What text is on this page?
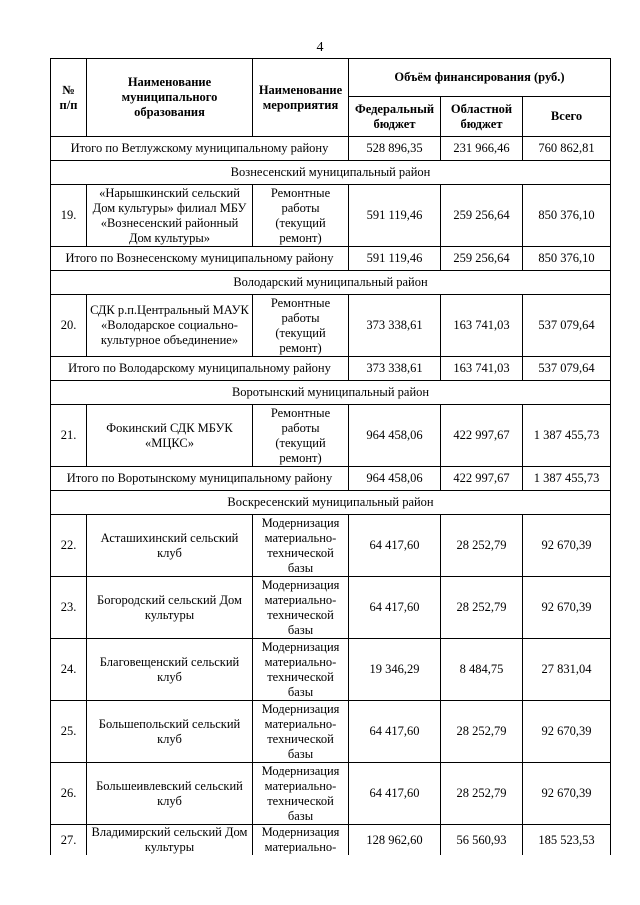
4
№
п/п	Наименование муниципального образования	Наименование мероприятия	Объём финансирования (руб.)		
			Федеральный бюджет	Областной бюджет	Всего
Итого по Ветлужскому муниципальному району			528 896,35	231 966,46	760 862,81
Вознесенский муниципальный район					
19.	«Нарышкинский сельский Дом культуры» филиал МБУ «Вознесенский районный Дом культуры»	Ремонтные работы (текущий ремонт)	591 119,46	259 256,64	850 376,10
Итого по Вознесенскому муниципальному району			591 119,46	259 256,64	850 376,10
Володарский муниципальный район					
20.	СДК р.п.Центральный МАУК «Володарское социально-культурное объединение»	Ремонтные работы (текущий ремонт)	373 338,61	163 741,03	537 079,64
Итого по Володарскому муниципальному району			373 338,61	163 741,03	537 079,64
Воротынский муниципальный район					
21.	Фокинский СДК МБУК «МЦКС»	Ремонтные работы (текущий ремонт)	964 458,06	422 997,67	1 387 455,73
Итого по Воротынскому муниципальному району			964 458,06	422 997,67	1 387 455,73
Воскресенский муниципальный район					
22.	Асташихинский сельский клуб	Модернизация материально-технической базы	64 417,60	28 252,79	92 670,39
23.	Богородский сельский Дом культуры	Модернизация материально-технической базы	64 417,60	28 252,79	92 670,39
24.	Благовещенский сельский клуб	Модернизация материально-технической базы	19 346,29	8 484,75	27 831,04
25.	Большепольский сельский клуб	Модернизация материально-технической базы	64 417,60	28 252,79	92 670,39
26.	Большеивлевский сельский клуб	Модернизация материально-технической базы	64 417,60	28 252,79	92 670,39
27.	Владимирский сельский Дом культуры	Модернизация материально-	128 962,60	56 560,93	185 523,53
